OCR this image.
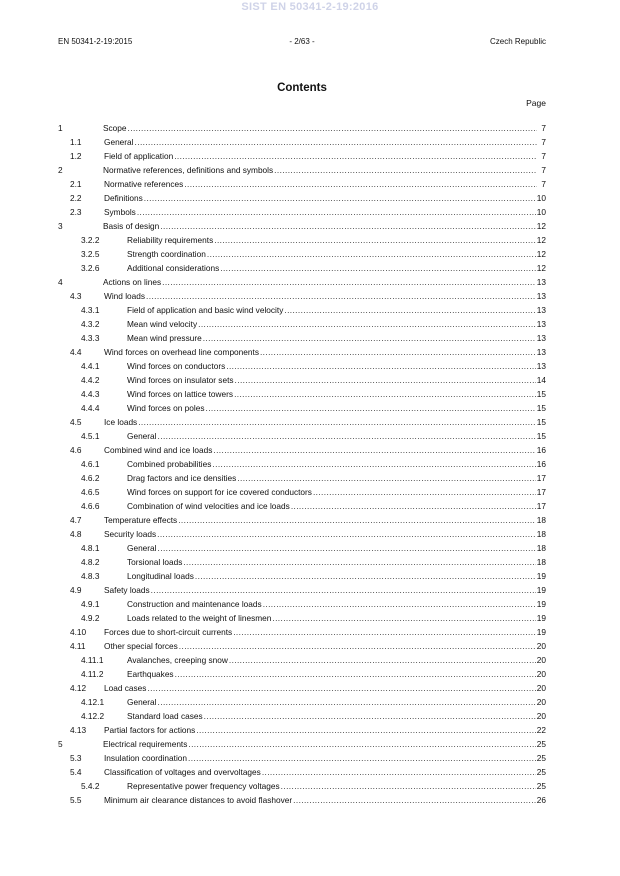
SIST EN 50341-2-19:2016
EN 50341-2-19:2015	- 2/63 -	Czech Republic
Contents
Page
1	Scope .....	7
1.1	General .....	7
1.2	Field of application .....	7
2	Normative references, definitions and symbols .....	7
2.1	Normative references .....	7
2.2	Definitions .....	10
2.3	Symbols .....	10
3	Basis of design .....	12
3.2.2	Reliability requirements .....	12
3.2.5	Strength coordination .....	12
3.2.6	Additional considerations .....	12
4	Actions on lines .....	13
4.3	Wind loads .....	13
4.3.1	Field of application and basic wind velocity .....	13
4.3.2	Mean wind velocity .....	13
4.3.3	Mean wind pressure .....	13
4.4	Wind forces on overhead line components .....	13
4.4.1	Wind forces on conductors .....	13
4.4.2	Wind forces on insulator sets .....	14
4.4.3	Wind forces on lattice towers .....	15
4.4.4	Wind forces on poles .....	15
4.5	Ice loads .....	15
4.5.1	General .....	15
4.6	Combined wind and ice loads .....	16
4.6.1	Combined probabilities .....	16
4.6.2	Drag factors and ice densities .....	17
4.6.5	Wind forces on support for ice covered conductors .....	17
4.6.6	Combination of wind velocities and ice loads .....	17
4.7	Temperature effects .....	18
4.8	Security loads .....	18
4.8.1	General .....	18
4.8.2	Torsional loads .....	18
4.8.3	Longitudinal loads .....	19
4.9	Safety loads .....	19
4.9.1	Construction and maintenance loads .....	19
4.9.2	Loads related to the weight of linesmen .....	19
4.10 Forces due to short-circuit currents .....	19
4.11 Other special forces .....	20
4.11.1	Avalanches, creeping snow .....	20
4.11.2	Earthquakes .....	20
4.12 Load cases .....	20
4.12.1	General .....	20
4.12.2	Standard load cases .....	20
4.13 Partial factors for actions .....	22
5	Electrical requirements .....	25
5.3	Insulation coordination .....	25
5.4	Classification of voltages and overvoltages .....	25
5.4.2	Representative power frequency voltages .....	25
5.5	Minimum air clearance distances to avoid flashover .....	26
